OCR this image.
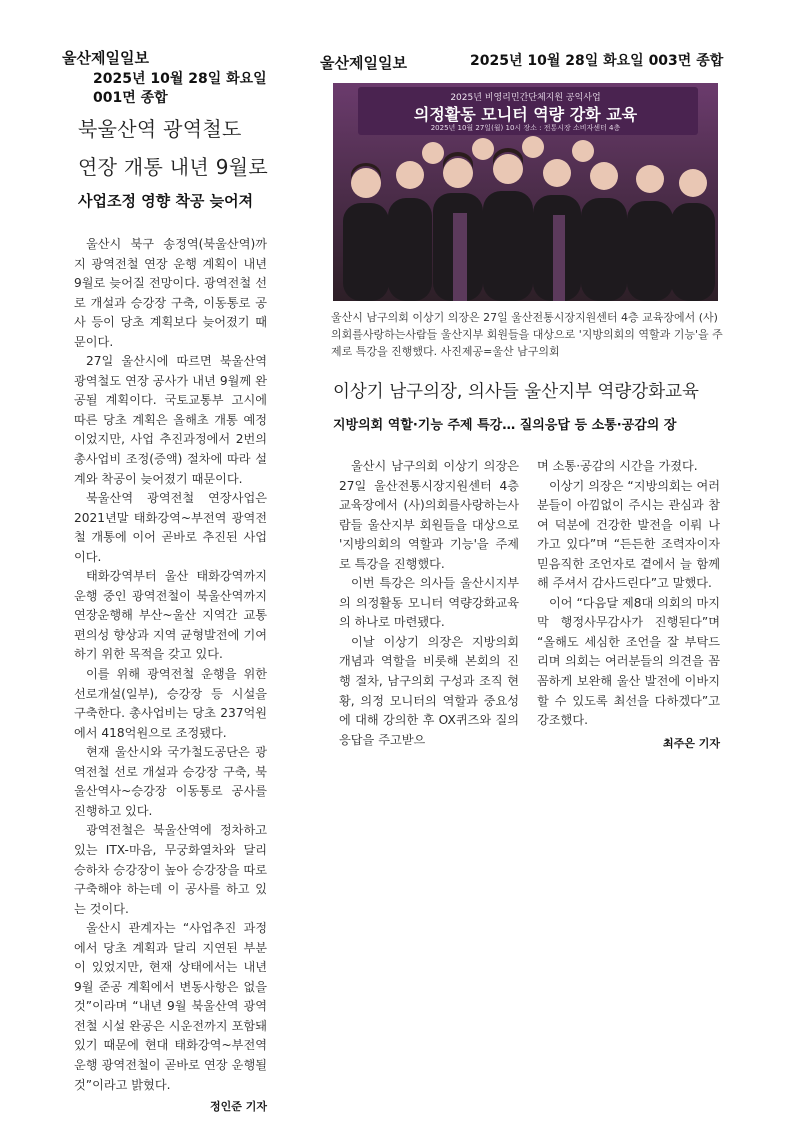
울산제일일보
2025년 10월 28일 화요일
001면 종합
북울산역 광역철도
연장 개통 내년 9월로
사업조정 영향 착공 늦어져

울산시 북구 송정역(북울산역)까지 광역전철 연장 운행 계획이 내년 9월로 늦어질 전망이다. 광역전철 선로 개설과 승강장 구축, 이동통로 공사 등이 당초 계획보다 늦어졌기 때문이다.

27일 울산시에 따르면 북울산역 광역철도 연장 공사가 내년 9월께 완공될 계획이다. 국토교통부 고시에 따른 당초 계획은 올해초 개통 예정이었지만, 사업 추진과정에서 2번의 총사업비 조정(증액) 절차에 따라 설계와 착공이 늦어졌기 때문이다.

북울산역 광역전철 연장사업은 2021년말 태화강역~부전역 광역전철 개통에 이어 곧바로 추진된 사업이다.

태화강역부터 울산 태화강역까지 운행 중인 광역전철이 북울산역까지 연장운행해 부산~울산 지역간 교통 편의성 향상과 지역 균형발전에 기여하기 위한 목적을 갖고 있다.

이를 위해 광역전철 운행을 위한 선로개설(일부), 승강장 등 시설을 구축한다. 총사업비는 당초 237억원에서 418억원으로 조정됐다.

현재 울산시와 국가철도공단은 광역전철 선로 개설과 승강장 구축, 북울산역사~승강장 이동통로 공사를 진행하고 있다.

광역전철은 북울산역에 정차하고 있는 ITX-마음, 무궁화열차와 달리 승하차 승강장이 높아 승강장을 따로 구축해야 하는데 이 공사를 하고 있는 것이다.

울산시 관계자는 “사업추진 과정에서 당초 계획과 달리 지연된 부분이 있었지만, 현재 상태에서는 내년 9월 준공 계획에서 변동사항은 없을 것”이라며 “내년 9월 북울산역 광역전철 시설 완공은 시운전까지 포함돼 있기 때문에 현대 태화강역~부전역 운행 광역전철이 곧바로 연장 운행될 것”이라고 밝혔다.

정인준 기자
울산제일일보	2025년 10월 28일 화요일 003면 종합
2025년 비영리민간단체지원 공익사업
의정활동 모니터 역량 강화 교육
2025년 10월 27일(월) 10시 장소 : 전통시장 소비자센터 4층
울산시 남구의회 이상기 의장은 27일 울산전통시장지원센터 4층 교육장에서 (사)의회를사랑하는사람들 울산지부 회원들을 대상으로 '지방의회의 역할과 기능'을 주제로 특강을 진행했다. 사진제공=울산 남구의회
이상기 남구의장, 의사들 울산지부 역량강화교육
지방의회 역할·기능 주제 특강… 질의응답 등 소통·공감의 장

울산시 남구의회 이상기 의장은 27일 울산전통시장지원센터 4층 교육장에서 (사)의회를사랑하는사람들 울산지부 회원들을 대상으로 '지방의회의 역할과 기능'을 주제로 특강을 진행했다.

이번 특강은 의사들 울산시지부의 의정활동 모니터 역량강화교육의 하나로 마련됐다.

이날 이상기 의장은 지방의회 개념과 역할을 비롯해 본회의 진행 절차, 남구의회 구성과 조직 현황, 의정 모니터의 역할과 중요성에 대해 강의한 후 OX퀴즈와 질의응답을 주고받으

며 소통·공감의 시간을 가졌다.

이상기 의장은 “지방의회는 여러분들이 아낌없이 주시는 관심과 참여 덕분에 건강한 발전을 이뤄 나가고 있다”며 “든든한 조력자이자 믿음직한 조언자로 곁에서 늘 함께해 주셔서 감사드린다”고 말했다.

이어 “다음달 제8대 의회의 마지막 행정사무감사가 진행된다”며 “올해도 세심한 조언을 잘 부탁드리며 의회는 여러분들의 의견을 꼼꼼하게 보완해 울산 발전에 이바지할 수 있도록 최선을 다하겠다”고 강조했다.

최주은 기자
